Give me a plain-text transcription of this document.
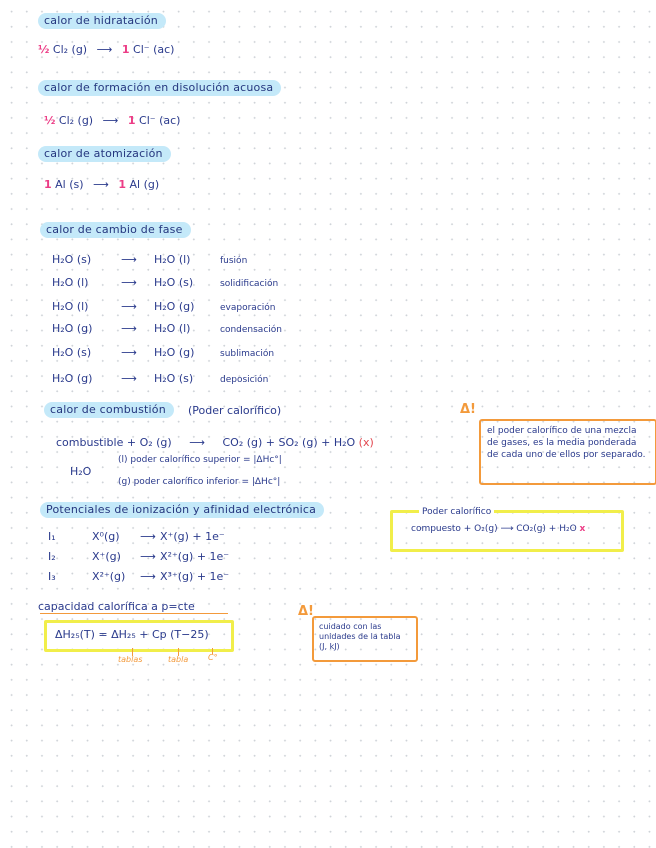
calor de hidratación
½ Cl₂ (g) ⟶ 1 Cl⁻ (ac)
calor de formación en disolución acuosa
½ Cl₂ (g) ⟶ 1 Cl⁻ (ac)
calor de atomización
1 Al (s) ⟶ 1 Al (g)
calor de cambio de fase
H₂O (s)	⟶ H₂O (l)	fusión
H₂O (l)	⟶ H₂O (s)	solidificación
H₂O (l)	⟶ H₂O (g)	evaporación
H₂O (g)	⟶ H₂O (l)	condensación
H₂O (s)	⟶ H₂O (g)	sublimación
H₂O (g)	⟶ H₂O (s)	deposición
calor de combustión	(Poder calorífico)
combustible + O₂ (g) ⟶ CO₂ (g) + SO₂ (g) + H₂O (x)
H₂O
(l) poder calorífico superior = |ΔHc°|
(g) poder calorífico inferior = |ΔHc°|
Δ!
el poder calorífico de una mezcla de gases, es la media ponderada de cada uno de ellos por separado.
Poder calorífico
compuesto + O₂(g) ⟶ CO₂(g) + H₂O x
Potenciales de ionización y afinidad electrónica
I₁	X⁰(g) ⟶ X⁺(g) + 1e⁻
I₂	X⁺(g) ⟶ X²⁺(g) + 1e⁻
I₃	X²⁺(g) ⟶ X³⁺(g) + 1e⁻
capacidad calorífica a p=cte
ΔH₂₅(T) = ΔH₂₅ + Cp (T−25)
tablas	tabla C°
Δ!
cuidado con las unidades de la tabla (J, kJ)
